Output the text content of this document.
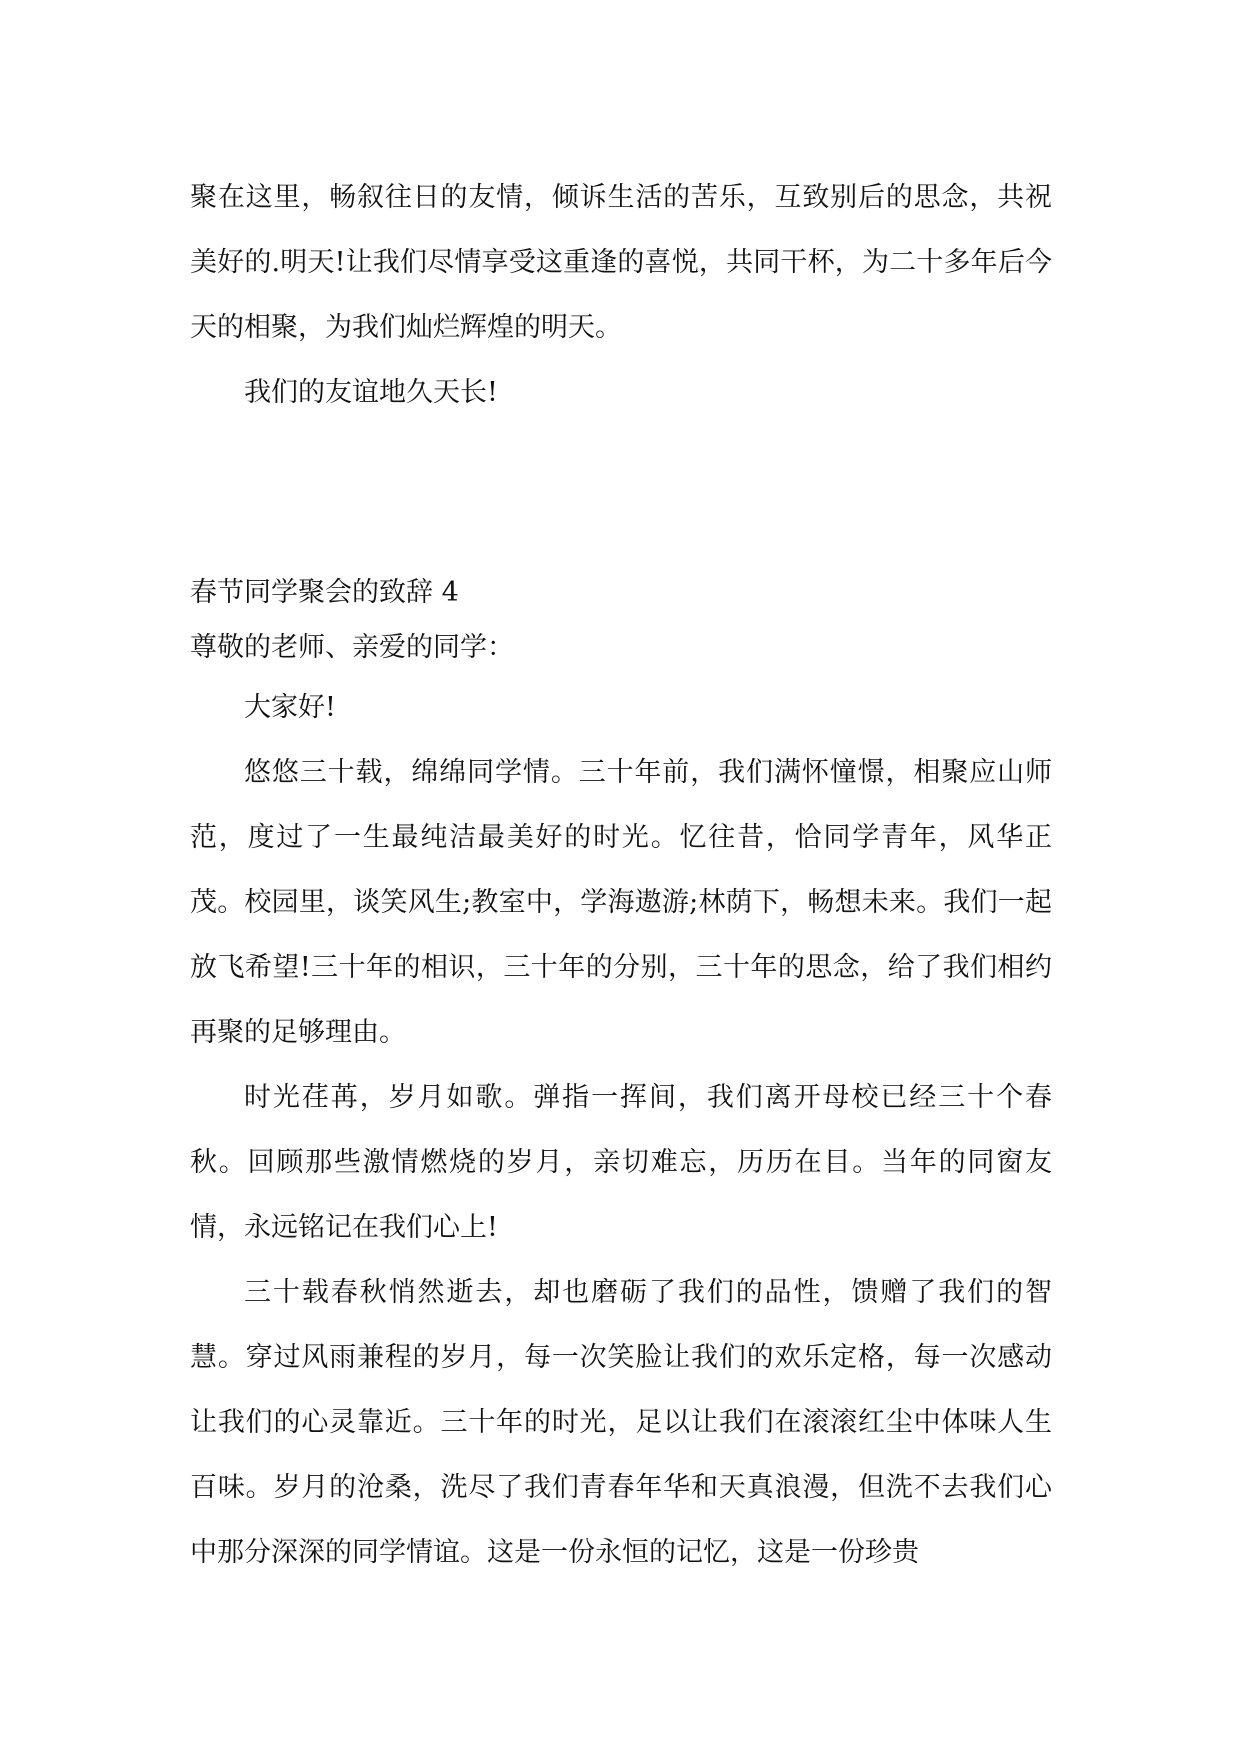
聚在这里，畅叙往日的友情，倾诉生活的苦乐，互致别后的思念，共祝美好的.明天!让我们尽情享受这重逢的喜悦，共同干杯，为二十多年后今天的相聚，为我们灿烂辉煌的明天。

我们的友谊地久天长!

春节同学聚会的致辞 4

尊敬的老师、亲爱的同学：

大家好!

悠悠三十载，绵绵同学情。三十年前，我们满怀憧憬，相聚应山师范，度过了一生最纯洁最美好的时光。忆往昔，恰同学青年，风华正茂。校园里，谈笑风生;教室中，学海遨游;林荫下，畅想未来。我们一起放飞希望!三十年的相识，三十年的分别，三十年的思念，给了我们相约再聚的足够理由。

时光荏苒，岁月如歌。弹指一挥间，我们离开母校已经三十个春秋。回顾那些激情燃烧的岁月，亲切难忘，历历在目。当年的同窗友情，永远铭记在我们心上!

三十载春秋悄然逝去，却也磨砺了我们的品性，馈赠了我们的智慧。穿过风雨兼程的岁月，每一次笑脸让我们的欢乐定格，每一次感动让我们的心灵靠近。三十年的时光，足以让我们在滚滚红尘中体味人生百味。岁月的沧桑，洗尽了我们青春年华和天真浪漫，但洗不去我们心中那分深深的同学情谊。这是一份永恒的记忆，这是一份珍贵
